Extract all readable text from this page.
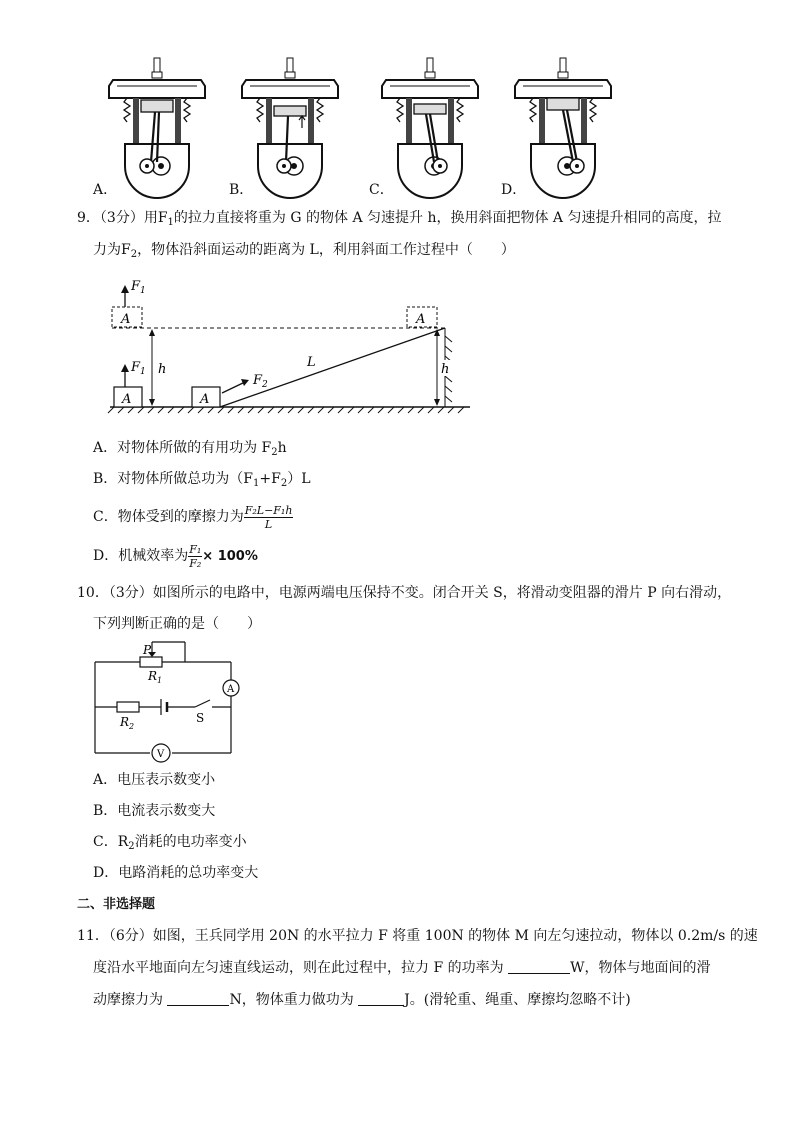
A．	B．	C．	D．
9．（3分）用$F_1$的拉力直接将重为 G 的物体 A 匀速提升 h，换用斜面把物体 A 匀速提升相同的高度，拉
力为$F_2$，物体沿斜面运动的距离为 L，利用斜面工作过程中（　　）
A
$F_1$
A
$F_1$
h
A
$F_2$
L
A
h
A．对物体所做的有用功为 $F_2h$
B．对物体所做总功为$(F_1+F_2)L$
C．物体受到的摩擦力为 $\frac{\text{F₂L−F₁h}}{L}$
D．机械效率为 $\frac{\text{F₁}}{\text{F₂}} \times 100\%$
10．（3分）如图所示的电路中，电源两端电压保持不变。闭合开关 S，将滑动变阻器的滑片 P 向右滑动，
下列判断正确的是（　　）
P
$R_1$
$R_2$
S
A
V
A．电压表示数变小
B．电流表示数变大
C．$R_2$消耗的电功率变小
D．电路消耗的总功率变大
二、非选择题
11．（6分）如图，王兵同学用 20N 的水平拉力 F 将重 100N 的物体 M 向左匀速拉动，物体以 0.2m/s 的速
度沿水平地面向左匀速直线运动，则在此过程中，拉力 F 的功率为	W，物体与地面间的滑
动摩擦力为	N，物体重力做功为	J。(滑轮重、绳重、摩擦均忽略不计)
